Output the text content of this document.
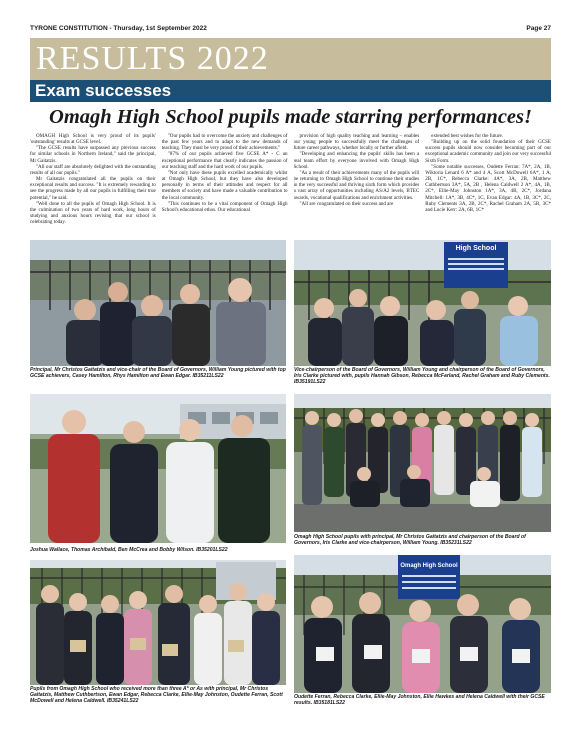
TYRONE CONSTITUTION - Thursday, 1st September 2022	Page 27
RESULTS 2022
Exam successes
Omagh High School pupils made starring performances!

OMAGH High School is very proud of its pupils' 'outstanding' results at GCSE level.

"The GCSE results have surpassed any previous success for similar schools in Northern Ireland," said the principal, Mr Gaitatzis.

"All our staff are absolutely delighted with the outstanding results of all our pupils."

Mr Gaitatzis congratulated all the pupils on their exceptional results and success. "It is extremely rewarding to see the progress made by all our pupils in fulfilling their true potential," he said.

"Well done to all the pupils of Omagh High School. It is the culmination of two years of hard work, long hours of studying and anxious hours revising that our school is celebrating today.

"Our pupils had to overcome the anxiety and challenges of the past few years and to adapt to the new demands of teaching. They must be very proud of their achievements."

"87% of our pupils achieved five GCSE A* - C an exceptional performance that clearly indicates the passion of our teaching staff and the hard work of our pupils.

"Not only have these pupils excelled academically whilst at Omagh High School, but they have also developed personally in terms of their attitudes and respect for all members of society and have made a valuable contribution to the local community.

"This continues to be a vital component of Omagh High School's educational ethos. Our educational

provision of high quality teaching and learning – enables our young people to successfully meet the challenges of future career pathways, whether locally or further afield.

"Developing and enhancing the pupils' skills has been a real team effort by everyone involved with Omagh High School.

"As a result of their achievements many of the pupils will be returning to Omagh High School to continue their studies in the very successful and thriving sixth form which provides a vast array of opportunities including AS/A2 levels, BTEC awards, vocational qualifications and enrichment activities.

"All are congratulated on their success and are

extended best wishes for the future.

"Building up on the solid foundation of their GCSE success pupils should now consider becoming part of our exceptional academic community and join our very successful Sixth Form.

"Some notable successes, Oudette Ferran: 7A*, 2A, 1B, Wiktoria Lenard 6 A* and 4 A, Scott McDowell 6A*, 1 A, 2B, 1C*, Rebecca Clarke: 4A*, 3A, 2B, Matthew Cuthbertson 3A*, 5A, 2B , Helena Caldwell 2 A*, 4A, 1B, 2C*, Ellie-May Johnston 1A*, 3A, 4B, 2C*, Jordana Mitchell: 1A*, 3B, 4C*, 1C, Evan Edgar: 4A, 1B, 3C*, 2C, Ruby Clements 3A, 2B, 2C*, Rachel Graham 2A, 5B, 3C* and Lucie Kerr: 2A, 6B, 1C*

Principal, Mr Christos Gaitatzis and vice-chair of the Board of Governors, William Young pictured with top GCSE achievers, Casey Hamilton, Rhys Hamilton and Ewan Edgar. IB35211LS22
High School
Vice-chairperson of the Board of Governors, William Young and chairperson of the Board of Governors, Iris Clarke pictured with, pupils Hannah Gibson, Rebecca McFarland, Rachel Graham and Ruby Clements. IB35191LS22
Joshua Wallace, Thomas Archibald, Ben McCrea and Bobby Wilson. IB35201LS22
Omagh High School pupils with principal, Mr Christos Gaitatzis and chairperson of the Board of Governors, Iris Clarke and vice-chairperson, William Young. IB35231LS22
Pupils from Omagh High School who received more than three A* or As with principal, Mr Christos Gaitatzis, Matthew Cuthbertson, Ewan Edgar, Rebecca Clarke, Ellie-May Johnston, Oudette Ferran, Scott McDowell and Helena Caldwell. IB35241LS22
Omagh High School
Oudette Ferran, Rebecca Clarke, Ellie-May Johnston, Ellie Hawkes and Helena Caldwell with their GCSE results. IB35181LS22
